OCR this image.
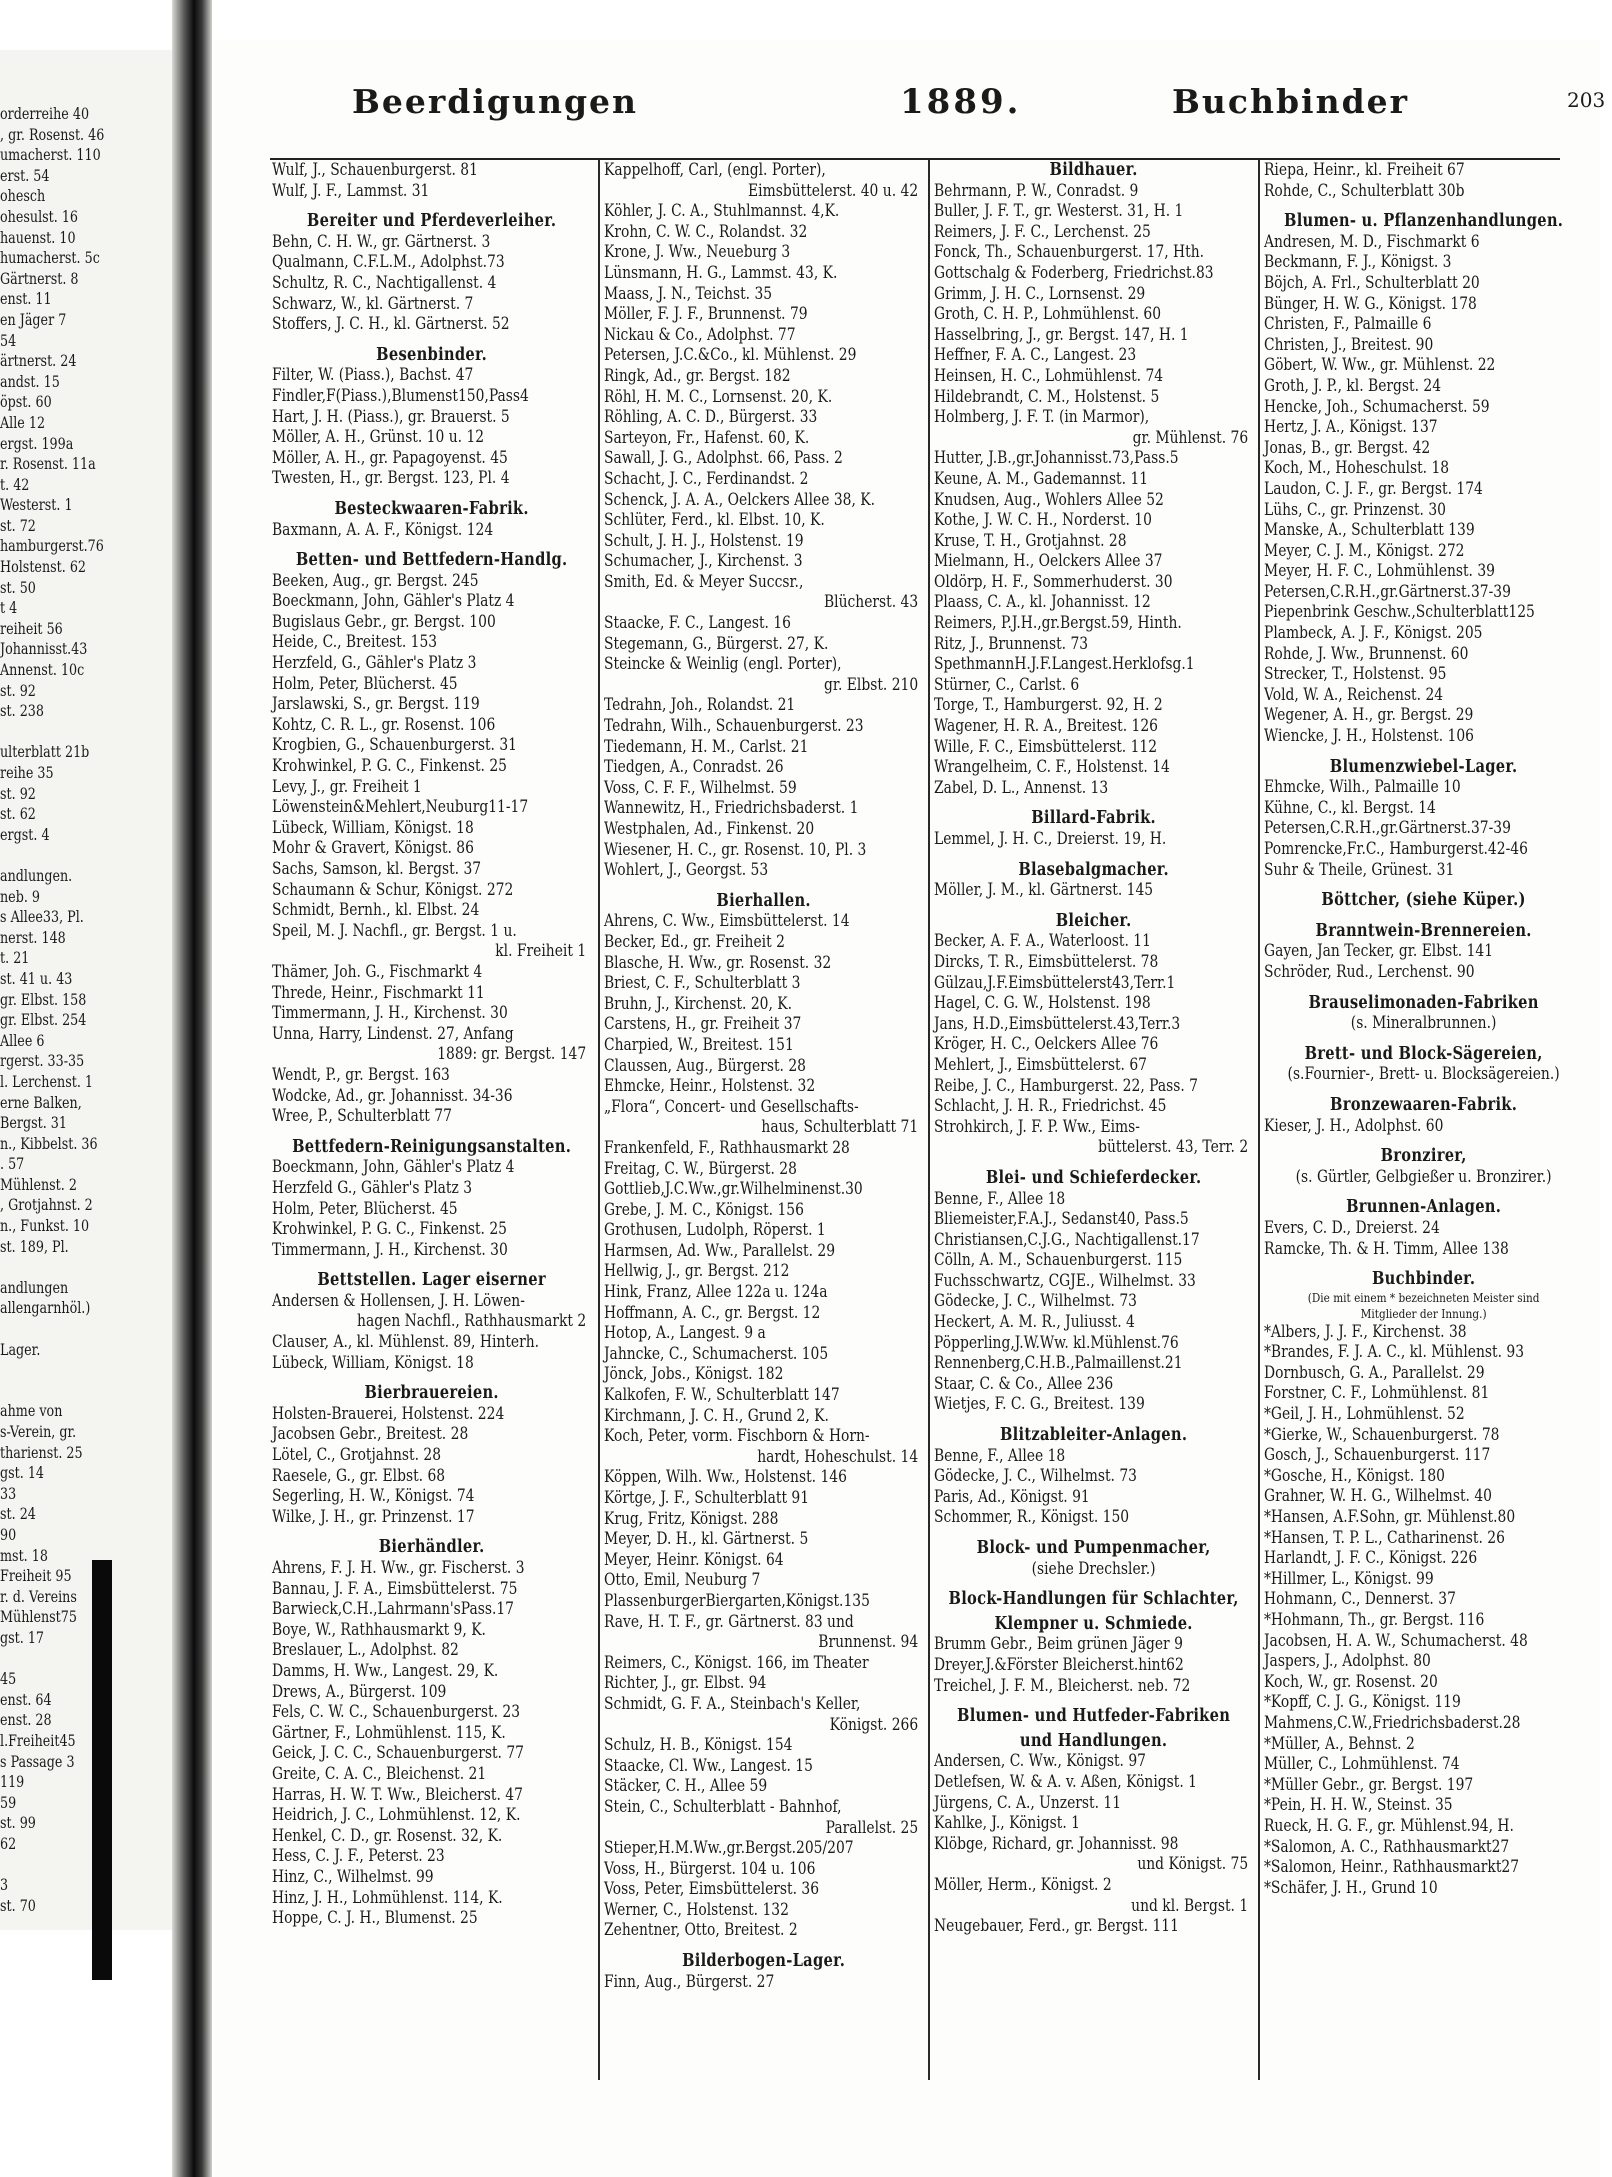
orderreihe 40
, gr. Rosenst. 46
umacherst. 110
erst. 54
ohesch
ohesulst. 16
hauenst. 10
humacherst. 5c
Gärtnerst. 8
enst. 11
en Jäger 7
54
ärtnerst. 24
andst. 15
öpst. 60
Alle 12
ergst. 199a
r. Rosenst. 11a
t. 42
Westerst. 1
st. 72
hamburgerst.76
Holstenst. 62
st. 50
t 4
reiheit 56
Johannisst.43
Annenst. 10c
st. 92
st. 238
ulterblatt 21b
reihe 35
st. 92
st. 62
ergst. 4
andlungen.
neb. 9
s Allee33, Pl.
nerst. 148
t. 21
st. 41 u. 43
gr. Elbst. 158
gr. Elbst. 254
Allee 6
rgerst. 33-35
l. Lerchenst. 1
erne Balken,
Bergst. 31
n., Kibbelst. 36
. 57
Mühlenst. 2
, Grotjahnst. 2
n., Funkst. 10
st. 189, Pl.
andlungen
allengarnhöl.)
Lager.
ahme von
s-Verein, gr.
tharienst. 25
gst. 14
33
st. 24
90
mst. 18
Freiheit 95
r. d. Vereins
Mühlenst75
gst. 17
45
enst. 64
enst. 28
l.Freiheit45
s Passage 3
119
59
st. 99
62
3
st. 70
Beerdigungen	1889.	Buchbinder	203
Wulf, J., Schauenburgerst. 81
Wulf, J. F., Lammst. 31
Bereiter und Pferdeverleiher.
Behn, C. H. W., gr. Gärtnerst. 3
Qualmann, C.F.L.M., Adolphst.73
Schultz, R. C., Nachtigallenst. 4
Schwarz, W., kl. Gärtnerst. 7
Stoffers, J. C. H., kl. Gärtnerst. 52
Besenbinder.
Filter, W. (Piass.), Bachst. 47
Findler,F(Piass.),Blumenst150,Pass4
Hart, J. H. (Piass.), gr. Brauerst. 5
Möller, A. H., Grünst. 10 u. 12
Möller, A. H., gr. Papagoyenst. 45
Twesten, H., gr. Bergst. 123, Pl. 4
Besteckwaaren-Fabrik.
Baxmann, A. A. F., Königst. 124
Betten- und Bettfedern-Handlg.
Beeken, Aug., gr. Bergst. 245
Boeckmann, John, Gähler's Platz 4
Bugislaus Gebr., gr. Bergst. 100
Heide, C., Breitest. 153
Herzfeld, G., Gähler's Platz 3
Holm, Peter, Blücherst. 45
Jarslawski, S., gr. Bergst. 119
Kohtz, C. R. L., gr. Rosenst. 106
Krogbien, G., Schauenburgerst. 31
Krohwinkel, P. G. C., Finkenst. 25
Levy, J., gr. Freiheit 1
Löwenstein&Mehlert,Neuburg11-17
Lübeck, William, Königst. 18
Mohr & Gravert, Königst. 86
Sachs, Samson, kl. Bergst. 37
Schaumann & Schur, Königst. 272
Schmidt, Bernh., kl. Elbst. 24
Speil, M. J. Nachfl., gr. Bergst. 1 u.
kl. Freiheit 1
Thämer, Joh. G., Fischmarkt 4
Threde, Heinr., Fischmarkt 11
Timmermann, J. H., Kirchenst. 30
Unna, Harry, Lindenst. 27, Anfang
1889: gr. Bergst. 147
Wendt, P., gr. Bergst. 163
Wodcke, Ad., gr. Johannisst. 34-36
Wree, P., Schulterblatt 77
Bettfedern-Reinigungsanstalten.
Boeckmann, John, Gähler's Platz 4
Herzfeld G., Gähler's Platz 3
Holm, Peter, Blücherst. 45
Krohwinkel, P. G. C., Finkenst. 25
Timmermann, J. H., Kirchenst. 30
Bettstellen. Lager eiserner
Andersen & Hollensen, J. H. Löwen-
hagen Nachfl., Rathhausmarkt 2
Clauser, A., kl. Mühlenst. 89, Hinterh.
Lübeck, William, Königst. 18
Bierbrauereien.
Holsten-Brauerei, Holstenst. 224
Jacobsen Gebr., Breitest. 28
Lötel, C., Grotjahnst. 28
Raesele, G., gr. Elbst. 68
Segerling, H. W., Königst. 74
Wilke, J. H., gr. Prinzenst. 17
Bierhändler.
Ahrens, F. J. H. Ww., gr. Fischerst. 3
Bannau, J. F. A., Eimsbüttelerst. 75
Barwieck,C.H.,Lahrmann'sPass.17
Boye, W., Rathhausmarkt 9, K.
Breslauer, L., Adolphst. 82
Damms, H. Ww., Langest. 29, K.
Drews, A., Bürgerst. 109
Fels, C. W. C., Schauenburgerst. 23
Gärtner, F., Lohmühlenst. 115, K.
Geick, J. C. C., Schauenburgerst. 77
Greite, C. A. C., Bleichenst. 21
Harras, H. W. T. Ww., Bleicherst. 47
Heidrich, J. C., Lohmühlenst. 12, K.
Henkel, C. D., gr. Rosenst. 32, K.
Hess, C. J. F., Peterst. 23
Hinz, C., Wilhelmst. 99
Hinz, J. H., Lohmühlenst. 114, K.
Hoppe, C. J. H., Blumenst. 25
Kappelhoff, Carl, (engl. Porter),
Eimsbüttelerst. 40 u. 42
Köhler, J. C. A., Stuhlmannst. 4,K.
Krohn, C. W. C., Rolandst. 32
Krone, J. Ww., Neueburg 3
Lünsmann, H. G., Lammst. 43, K.
Maass, J. N., Teichst. 35
Möller, F. J. F., Brunnenst. 79
Nickau & Co., Adolphst. 77
Petersen, J.C.&Co., kl. Mühlenst. 29
Ringk, Ad., gr. Bergst. 182
Röhl, H. M. C., Lornsenst. 20, K.
Röhling, A. C. D., Bürgerst. 33
Sarteyon, Fr., Hafenst. 60, K.
Sawall, J. G., Adolphst. 66, Pass. 2
Schacht, J. C., Ferdinandst. 2
Schenck, J. A. A., Oelckers Allee 38, K.
Schlüter, Ferd., kl. Elbst. 10, K.
Schult, J. H. J., Holstenst. 19
Schumacher, J., Kirchenst. 3
Smith, Ed. & Meyer Succsr.,
Blücherst. 43
Staacke, F. C., Langest. 16
Stegemann, G., Bürgerst. 27, K.
Steincke & Weinlig (engl. Porter),
gr. Elbst. 210
Tedrahn, Joh., Rolandst. 21
Tedrahn, Wilh., Schauenburgerst. 23
Tiedemann, H. M., Carlst. 21
Tiedgen, A., Conradst. 26
Voss, C. F. F., Wilhelmst. 59
Wannewitz, H., Friedrichsbaderst. 1
Westphalen, Ad., Finkenst. 20
Wiesener, H. C., gr. Rosenst. 10, Pl. 3
Wohlert, J., Georgst. 53
Bierhallen.
Ahrens, C. Ww., Eimsbüttelerst. 14
Becker, Ed., gr. Freiheit 2
Blasche, H. Ww., gr. Rosenst. 32
Briest, C. F., Schulterblatt 3
Bruhn, J., Kirchenst. 20, K.
Carstens, H., gr. Freiheit 37
Charpied, W., Breitest. 151
Claussen, Aug., Bürgerst. 28
Ehmcke, Heinr., Holstenst. 32
„Flora“, Concert- und Gesellschafts-
haus, Schulterblatt 71
Frankenfeld, F., Rathhausmarkt 28
Freitag, C. W., Bürgerst. 28
Gottlieb,J.C.Ww.,gr.Wilhelminenst.30
Grebe, J. M. C., Königst. 156
Grothusen, Ludolph, Röperst. 1
Harmsen, Ad. Ww., Parallelst. 29
Hellwig, J., gr. Bergst. 212
Hink, Franz, Allee 122a u. 124a
Hoffmann, A. C., gr. Bergst. 12
Hotop, A., Langest. 9 a
Jahncke, C., Schumacherst. 105
Jönck, Jobs., Königst. 182
Kalkofen, F. W., Schulterblatt 147
Kirchmann, J. C. H., Grund 2, K.
Koch, Peter, vorm. Fischborn & Horn-
hardt, Hoheschulst. 14
Köppen, Wilh. Ww., Holstenst. 146
Körtge, J. F., Schulterblatt 91
Krug, Fritz, Königst. 288
Meyer, D. H., kl. Gärtnerst. 5
Meyer, Heinr. Königst. 64
Otto, Emil, Neuburg 7
PlassenburgerBiergarten,Königst.135
Rave, H. T. F., gr. Gärtnerst. 83 und
Brunnenst. 94
Reimers, C., Königst. 166, im Theater
Richter, J., gr. Elbst. 94
Schmidt, G. F. A., Steinbach's Keller,
Königst. 266
Schulz, H. B., Königst. 154
Staacke, Cl. Ww., Langest. 15
Stäcker, C. H., Allee 59
Stein, C., Schulterblatt - Bahnhof,
Parallelst. 25
Stieper,H.M.Ww.,gr.Bergst.205/207
Voss, H., Bürgerst. 104 u. 106
Voss, Peter, Eimsbüttelerst. 36
Werner, C., Holstenst. 132
Zehentner, Otto, Breitest. 2
Bilderbogen-Lager.
Finn, Aug., Bürgerst. 27
Bildhauer.
Behrmann, P. W., Conradst. 9
Buller, J. F. T., gr. Westerst. 31, H. 1
Reimers, J. F. C., Lerchenst. 25
Fonck, Th., Schauenburgerst. 17, Hth.
Gottschalg & Foderberg, Friedrichst.83
Grimm, J. H. C., Lornsenst. 29
Groth, C. H. P., Lohmühlenst. 60
Hasselbring, J., gr. Bergst. 147, H. 1
Heffner, F. A. C., Langest. 23
Heinsen, H. C., Lohmühlenst. 74
Hildebrandt, C. M., Holstenst. 5
Holmberg, J. F. T. (in Marmor),
gr. Mühlenst. 76
Hutter, J.B.,gr.Johannisst.73,Pass.5
Keune, A. M., Gademannst. 11
Knudsen, Aug., Wohlers Allee 52
Kothe, J. W. C. H., Norderst. 10
Kruse, T. H., Grotjahnst. 28
Mielmann, H., Oelckers Allee 37
Oldörp, H. F., Sommerhuderst. 30
Plaass, C. A., kl. Johannisst. 12
Reimers, P.J.H.,gr.Bergst.59, Hinth.
Ritz, J., Brunnenst. 73
SpethmannH.J.F.Langest.Herklofsg.1
Stürner, C., Carlst. 6
Torge, T., Hamburgerst. 92, H. 2
Wagener, H. R. A., Breitest. 126
Wille, F. C., Eimsbüttelerst. 112
Wrangelheim, C. F., Holstenst. 14
Zabel, D. L., Annenst. 13
Billard-Fabrik.
Lemmel, J. H. C., Dreierst. 19, H.
Blasebalgmacher.
Möller, J. M., kl. Gärtnerst. 145
Bleicher.
Becker, A. F. A., Waterloost. 11
Dircks, T. R., Eimsbüttelerst. 78
Gülzau,J.F.Eimsbüttelerst43,Terr.1
Hagel, C. G. W., Holstenst. 198
Jans, H.D.,Eimsbüttelerst.43,Terr.3
Kröger, H. C., Oelckers Allee 76
Mehlert, J., Eimsbüttelerst. 67
Reibe, J. C., Hamburgerst. 22, Pass. 7
Schlacht, J. H. R., Friedrichst. 45
Strohkirch, J. F. P. Ww., Eims-
büttelerst. 43, Terr. 2
Blei- und Schieferdecker.
Benne, F., Allee 18
Bliemeister,F.A.J., Sedanst40, Pass.5
Christiansen,C.J.G., Nachtigallenst.17
Cölln, A. M., Schauenburgerst. 115
Fuchsschwartz, CGJE., Wilhelmst. 33
Gödecke, J. C., Wilhelmst. 73
Heckert, A. M. R., Juliusst. 4
Pöpperling,J.W.Ww. kl.Mühlenst.76
Rennenberg,C.H.B.,Palmaillenst.21
Staar, C. & Co., Allee 236
Wietjes, F. C. G., Breitest. 139
Blitzableiter-Anlagen.
Benne, F., Allee 18
Gödecke, J. C., Wilhelmst. 73
Paris, Ad., Königst. 91
Schommer, R., Königst. 150
Block- und Pumpenmacher,
(siehe Drechsler.)
Block-Handlungen für Schlachter,
Klempner u. Schmiede.
Brumm Gebr., Beim grünen Jäger 9
Dreyer,J.&Förster Bleicherst.hint62
Treichel, J. F. M., Bleicherst. neb. 72
Blumen- und Hutfeder-Fabriken
und Handlungen.
Andersen, C. Ww., Königst. 97
Detlefsen, W. & A. v. Aßen, Königst. 1
Jürgens, C. A., Unzerst. 11
Kahlke, J., Königst. 1
Klöbge, Richard, gr. Johannisst. 98
und Königst. 75
Möller, Herm., Königst. 2
und kl. Bergst. 1
Neugebauer, Ferd., gr. Bergst. 111
Riepa, Heinr., kl. Freiheit 67
Rohde, C., Schulterblatt 30b
Blumen- u. Pflanzenhandlungen.
Andresen, M. D., Fischmarkt 6
Beckmann, F. J., Königst. 3
Böjch, A. Frl., Schulterblatt 20
Bünger, H. W. G., Königst. 178
Christen, F., Palmaille 6
Christen, J., Breitest. 90
Göbert, W. Ww., gr. Mühlenst. 22
Groth, J. P., kl. Bergst. 24
Hencke, Joh., Schumacherst. 59
Hertz, J. A., Königst. 137
Jonas, B., gr. Bergst. 42
Koch, M., Hoheschulst. 18
Laudon, C. J. F., gr. Bergst. 174
Lühs, C., gr. Prinzenst. 30
Manske, A., Schulterblatt 139
Meyer, C. J. M., Königst. 272
Meyer, H. F. C., Lohmühlenst. 39
Petersen,C.R.H.,gr.Gärtnerst.37-39
Piepenbrink Geschw.,Schulterblatt125
Plambeck, A. J. F., Königst. 205
Rohde, J. Ww., Brunnenst. 60
Strecker, T., Holstenst. 95
Vold, W. A., Reichenst. 24
Wegener, A. H., gr. Bergst. 29
Wiencke, J. H., Holstenst. 106
Blumenzwiebel-Lager.
Ehmcke, Wilh., Palmaille 10
Kühne, C., kl. Bergst. 14
Petersen,C.R.H.,gr.Gärtnerst.37-39
Pomrencke,Fr.C., Hamburgerst.42-46
Suhr & Theile, Grünest. 31
Böttcher, (siehe Küper.)
Branntwein-Brennereien.
Gayen, Jan Tecker, gr. Elbst. 141
Schröder, Rud., Lerchenst. 90
Brauselimonaden-Fabriken
(s. Mineralbrunnen.)
Brett- und Block-Sägereien,
(s.Fournier-, Brett- u. Blocksägereien.)
Bronzewaaren-Fabrik.
Kieser, J. H., Adolphst. 60
Bronzirer,
(s. Gürtler, Gelbgießer u. Bronzirer.)
Brunnen-Anlagen.
Evers, C. D., Dreierst. 24
Ramcke, Th. & H. Timm, Allee 138
Buchbinder.
(Die mit einem * bezeichneten Meister sind
Mitglieder der Innung.)
*Albers, J. J. F., Kirchenst. 38
*Brandes, F. J. A. C., kl. Mühlenst. 93
Dornbusch, G. A., Parallelst. 29
Forstner, C. F., Lohmühlenst. 81
*Geil, J. H., Lohmühlenst. 52
*Gierke, W., Schauenburgerst. 78
Gosch, J., Schauenburgerst. 117
*Gosche, H., Königst. 180
Grahner, W. H. G., Wilhelmst. 40
*Hansen, A.F.Sohn, gr. Mühlenst.80
*Hansen, T. P. L., Catharinenst. 26
Harlandt, J. F. C., Königst. 226
*Hillmer, L., Königst. 99
Hohmann, C., Dennerst. 37
*Hohmann, Th., gr. Bergst. 116
Jacobsen, H. A. W., Schumacherst. 48
Jaspers, J., Adolphst. 80
Koch, W., gr. Rosenst. 20
*Kopff, C. J. G., Königst. 119
Mahmens,C.W.,Friedrichsbaderst.28
*Müller, A., Behnst. 2
Müller, C., Lohmühlenst. 74
*Müller Gebr., gr. Bergst. 197
*Pein, H. H. W., Steinst. 35
Rueck, H. G. F., gr. Mühlenst.94, H.
*Salomon, A. C., Rathhausmarkt27
*Salomon, Heinr., Rathhausmarkt27
*Schäfer, J. H., Grund 10
